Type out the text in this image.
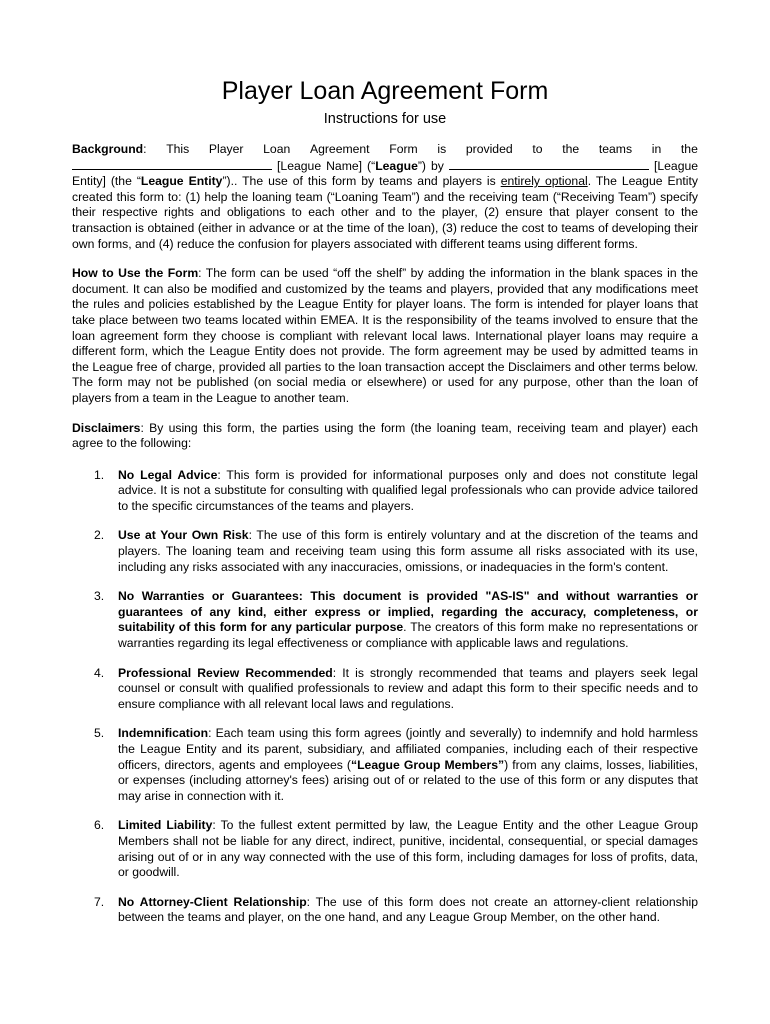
Player Loan Agreement Form
Instructions for use
Background: This Player Loan Agreement Form is provided to the teams in the
[League Name] (“League”) by	[League Entity] (the “League Entity”).. The use of this form by teams and players is entirely optional. The League Entity created this form to: (1) help the loaning team (“Loaning Team”) and the receiving team (“Receiving Team”) specify their respective rights and obligations to each other and to the player, (2) ensure that player consent to the transaction is obtained (either in advance or at the time of the loan), (3) reduce the cost to teams of developing their own forms, and (4) reduce the confusion for players associated with different teams using different forms.
How to Use the Form: The form can be used “off the shelf” by adding the information in the blank spaces in the document. It can also be modified and customized by the teams and players, provided that any modifications meet the rules and policies established by the League Entity for player loans. The form is intended for player loans that take place between two teams located within EMEA. It is the responsibility of the teams involved to ensure that the loan agreement form they choose is compliant with relevant local laws. International player loans may require a different form, which the League Entity does not provide. The form agreement may be used by admitted teams in the League free of charge, provided all parties to the loan transaction accept the Disclaimers and other terms below. The form may not be published (on social media or elsewhere) or used for any purpose, other than the loan of players from a team in the League to another team.
Disclaimers: By using this form, the parties using the form (the loaning team, receiving team and player) each agree to the following:
1.	No Legal Advice: This form is provided for informational purposes only and does not constitute legal advice. It is not a substitute for consulting with qualified legal professionals who can provide advice tailored to the specific circumstances of the teams and players.
2.	Use at Your Own Risk: The use of this form is entirely voluntary and at the discretion of the teams and players. The loaning team and receiving team using this form assume all risks associated with its use, including any risks associated with any inaccuracies, omissions, or inadequacies in the form's content.
3.	No Warranties or Guarantees: This document is provided "AS-IS" and without warranties or guarantees of any kind, either express or implied, regarding the accuracy, completeness, or suitability of this form for any particular purpose. The creators of this form make no representations or warranties regarding its legal effectiveness or compliance with applicable laws and regulations.
4.	Professional Review Recommended: It is strongly recommended that teams and players seek legal counsel or consult with qualified professionals to review and adapt this form to their specific needs and to ensure compliance with all relevant local laws and regulations.
5.	Indemnification: Each team using this form agrees (jointly and severally) to indemnify and hold harmless the League Entity and its parent, subsidiary, and affiliated companies, including each of their respective officers, directors, agents and employees (“League Group Members”) from any claims, losses, liabilities, or expenses (including attorney's fees) arising out of or related to the use of this form or any disputes that may arise in connection with it.
6.	Limited Liability: To the fullest extent permitted by law, the League Entity and the other League Group Members shall not be liable for any direct, indirect, punitive, incidental, consequential, or special damages arising out of or in any way connected with the use of this form, including damages for loss of profits, data, or goodwill.
7.	No Attorney-Client Relationship: The use of this form does not create an attorney-client relationship between the teams and player, on the one hand, and any League Group Member, on the other hand.
